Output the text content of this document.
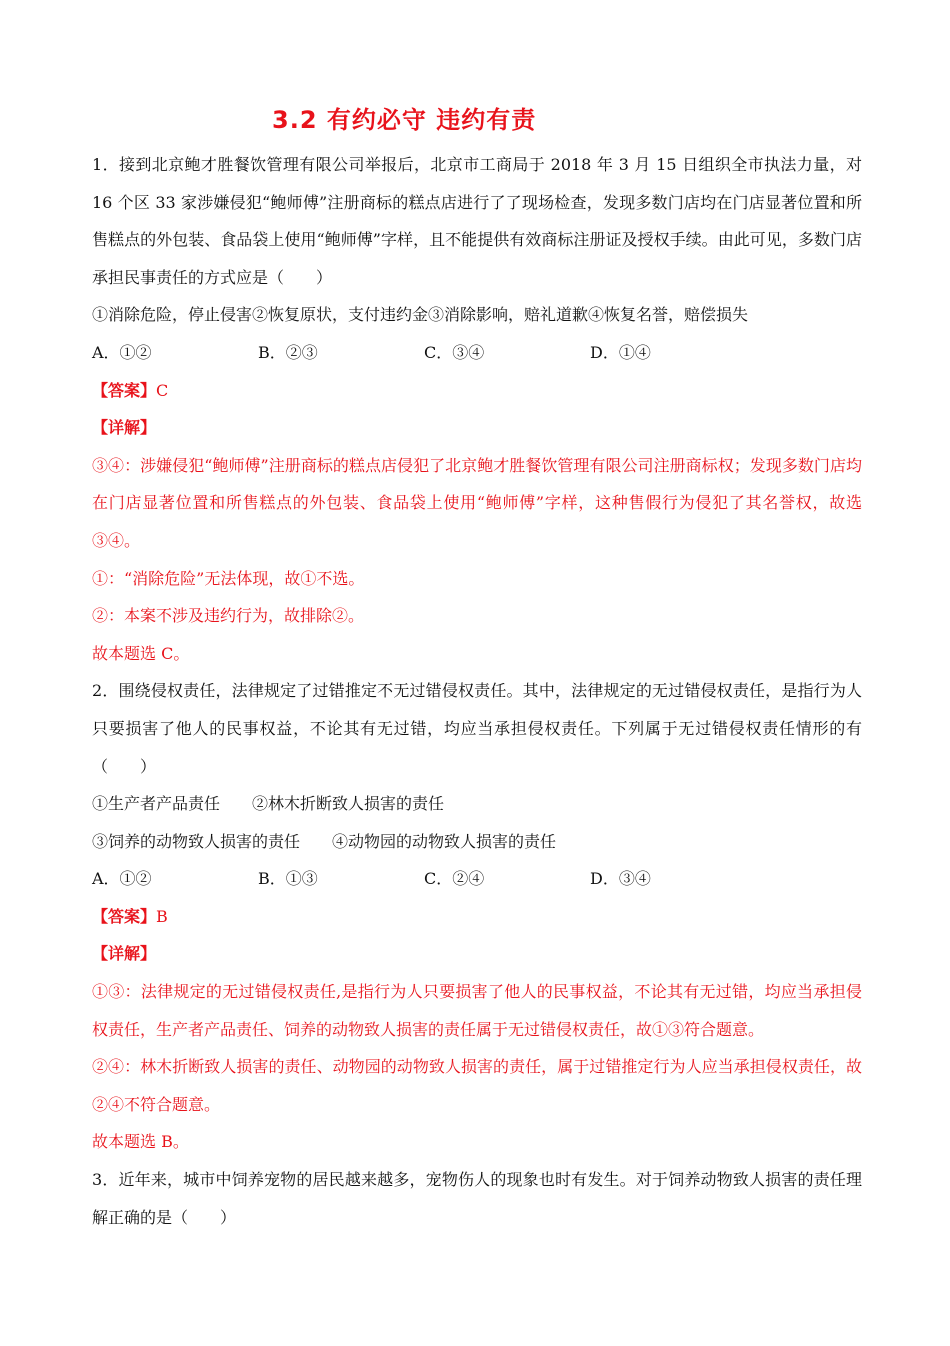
3.2 有约必守 违约有责
1．接到北京鲍才胜餐饮管理有限公司举报后，北京市工商局于 2018 年 3 月 15 日组织全市执法力量，对 16 个区 33 家涉嫌侵犯“鲍师傅”注册商标的糕点店进行了了现场检查，发现多数门店均在门店显著位置和所售糕点的外包装、食品袋上使用“鲍师傅”字样，且不能提供有效商标注册证及授权手续。由此可见，多数门店承担民事责任的方式应是（　　）
①消除危险，停止侵害②恢复原状，支付违约金③消除影响，赔礼道歉④恢复名誉，赔偿损失
A．①②	B．②③	C．③④	D．①④
【答案】C
【详解】
③④：涉嫌侵犯“鲍师傅”注册商标的糕点店侵犯了北京鲍才胜餐饮管理有限公司注册商标权；发现多数门店均在门店显著位置和所售糕点的外包装、食品袋上使用“鲍师傅”字样，这种售假行为侵犯了其名誉权，故选③④。
①：“消除危险”无法体现，故①不选。
②：本案不涉及违约行为，故排除②。
故本题选 C。
2．围绕侵权责任，法律规定了过错推定不无过错侵权责任。其中，法律规定的无过错侵权责任，是指行为人只要损害了他人的民事权益，不论其有无过错，均应当承担侵权责任。下列属于无过错侵权责任情形的有（　　）
①生产者产品责任 ②林木折断致人损害的责任
③饲养的动物致人损害的责任 ④动物园的动物致人损害的责任
A．①②	B．①③	C．②④	D．③④
【答案】B
【详解】
①③：法律规定的无过错侵权责任,是指行为人只要损害了他人的民事权益，不论其有无过错，均应当承担侵权责任，生产者产品责任、饲养的动物致人损害的责任属于无过错侵权责任，故①③符合题意。
②④：林木折断致人损害的责任、动物园的动物致人损害的责任，属于过错推定行为人应当承担侵权责任，故②④不符合题意。
故本题选 B。
3．近年来，城市中饲养宠物的居民越来越多，宠物伤人的现象也时有发生。对于饲养动物致人损害的责任理解正确的是（　　）
